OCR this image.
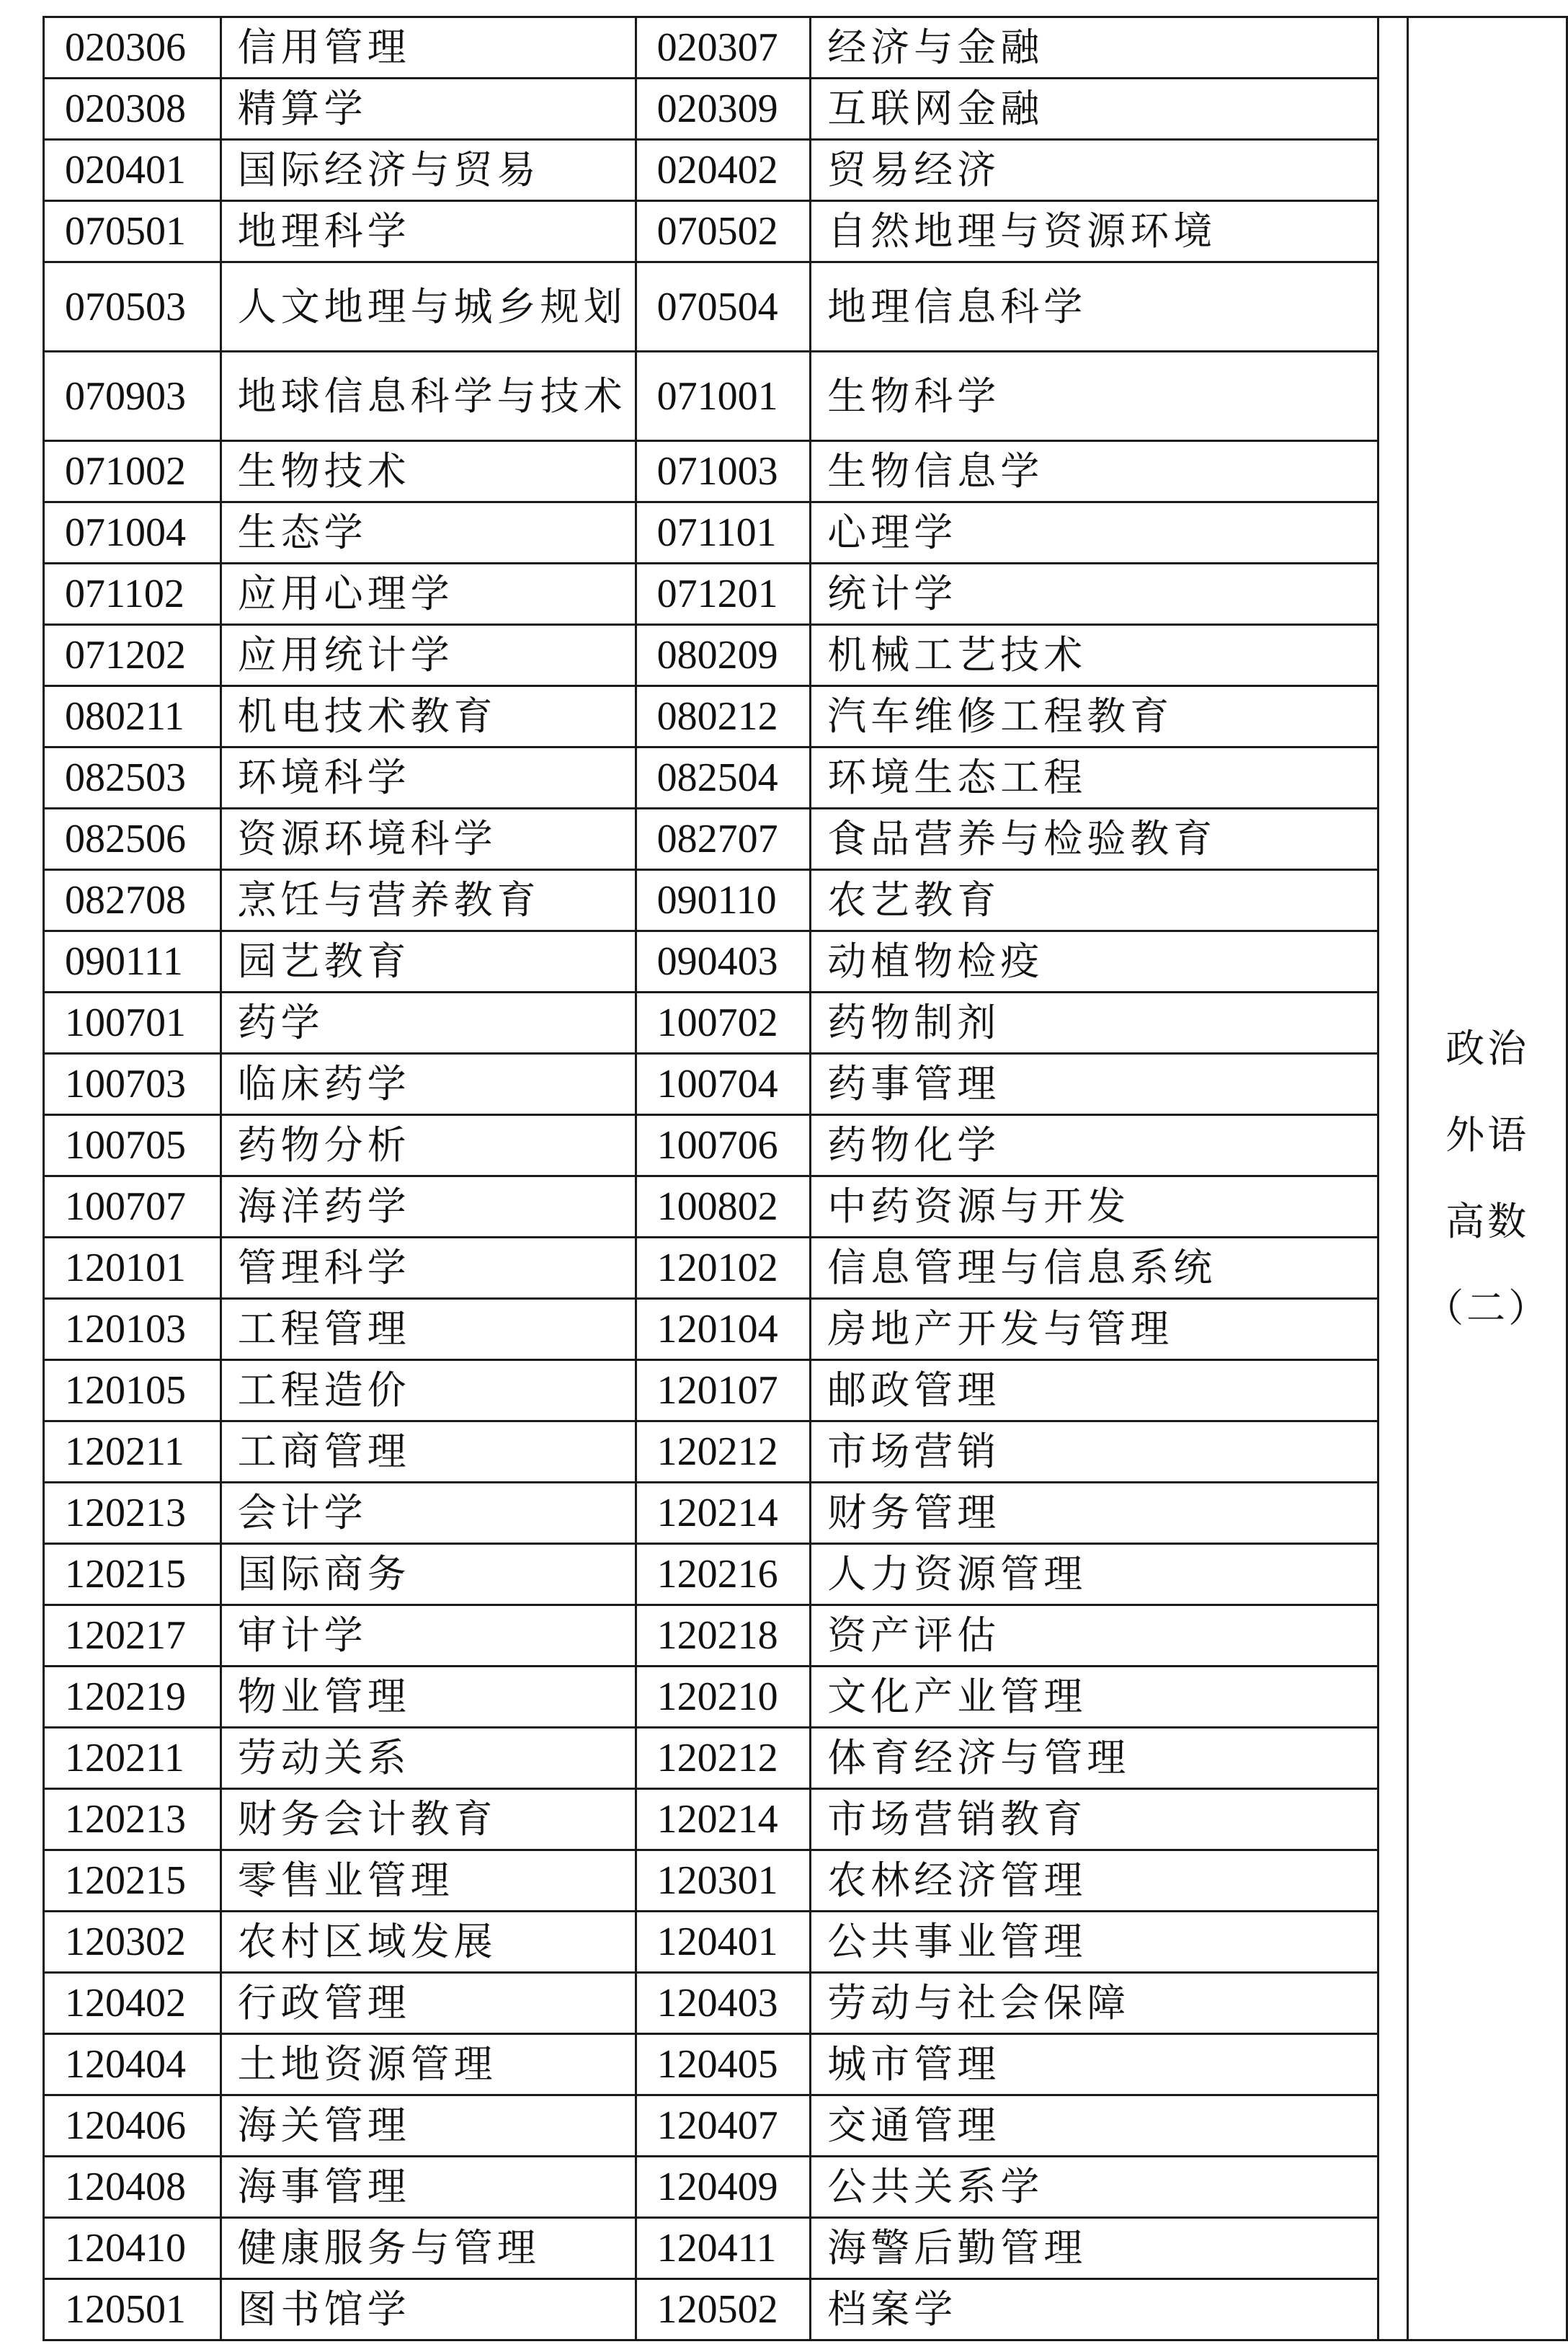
020306	信用管理	020307	经济与金融		政治
外语
高数
（二）

020308	精算学	020309	互联网金融		
020401	国际经济与贸易	020402	贸易经济		
070501	地理科学	070502	自然地理与资源环境		
070503	人文地理与城乡规划	070504	地理信息科学		
070903	地球信息科学与技术	071001	生物科学		
071002	生物技术	071003	生物信息学		
071004	生态学	071101	心理学		
071102	应用心理学	071201	统计学		
071202	应用统计学	080209	机械工艺技术		
080211	机电技术教育	080212	汽车维修工程教育		
082503	环境科学	082504	环境生态工程		
082506	资源环境科学	082707	食品营养与检验教育		
082708	烹饪与营养教育	090110	农艺教育		
090111	园艺教育	090403	动植物检疫		
100701	药学	100702	药物制剂		
100703	临床药学	100704	药事管理		
100705	药物分析	100706	药物化学		
100707	海洋药学	100802	中药资源与开发		
120101	管理科学	120102	信息管理与信息系统		
120103	工程管理	120104	房地产开发与管理		
120105	工程造价	120107	邮政管理		
120211	工商管理	120212	市场营销		
120213	会计学	120214	财务管理		
120215	国际商务	120216	人力资源管理		
120217	审计学	120218	资产评估		
120219	物业管理	120210	文化产业管理		
120211	劳动关系	120212	体育经济与管理		
120213	财务会计教育	120214	市场营销教育		
120215	零售业管理	120301	农林经济管理		
120302	农村区域发展	120401	公共事业管理		
120402	行政管理	120403	劳动与社会保障		
120404	土地资源管理	120405	城市管理		
120406	海关管理	120407	交通管理		
120408	海事管理	120409	公共关系学		
120410	健康服务与管理	120411	海警后勤管理		
120501	图书馆学	120502	档案学		
